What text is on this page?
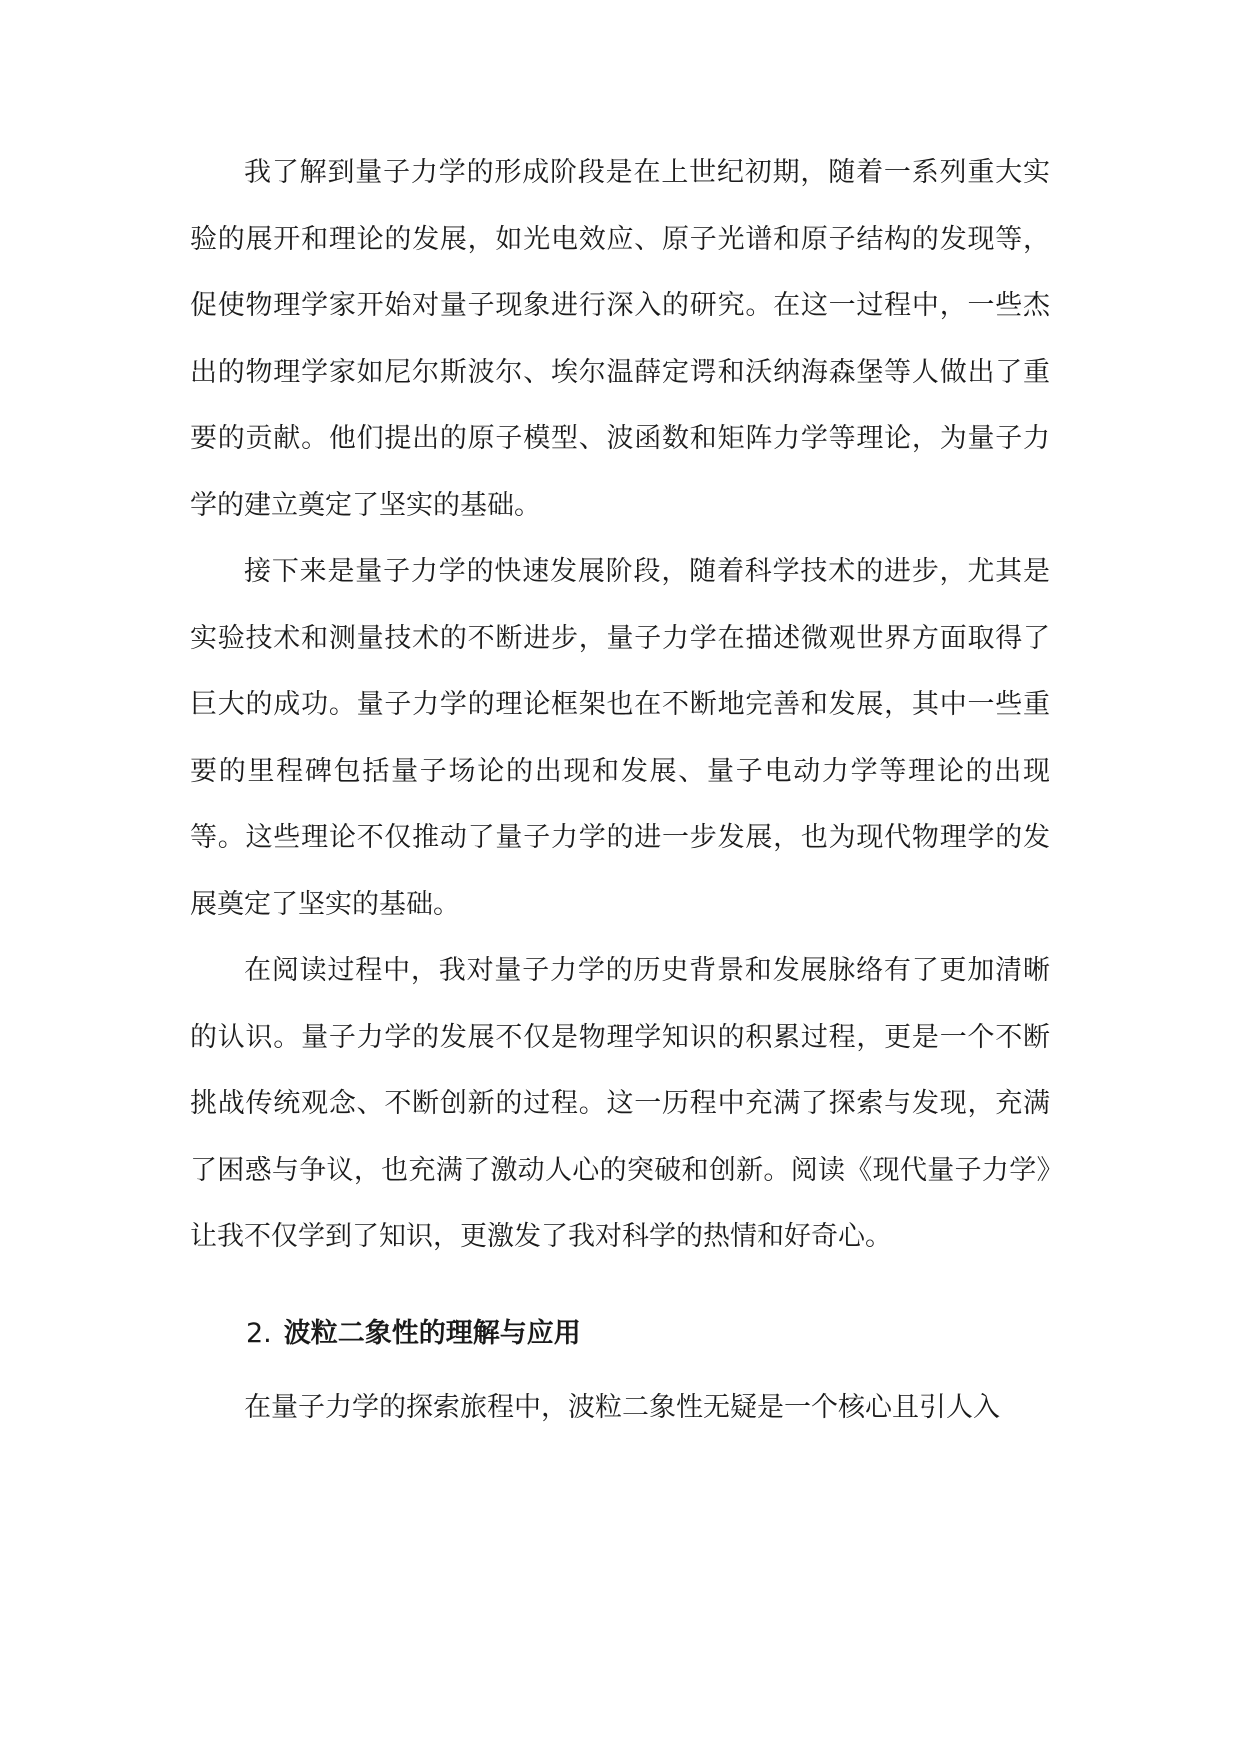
我了解到量子力学的形成阶段是在上世纪初期，随着一系列重大实验的展开和理论的发展，如光电效应、原子光谱和原子结构的发现等，促使物理学家开始对量子现象进行深入的研究。在这一过程中，一些杰出的物理学家如尼尔斯波尔、埃尔温薛定谔和沃纳海森堡等人做出了重要的贡献。他们提出的原子模型、波函数和矩阵力学等理论，为量子力学的建立奠定了坚实的基础。

接下来是量子力学的快速发展阶段，随着科学技术的进步，尤其是实验技术和测量技术的不断进步，量子力学在描述微观世界方面取得了巨大的成功。量子力学的理论框架也在不断地完善和发展，其中一些重要的里程碑包括量子场论的出现和发展、量子电动力学等理论的出现等。这些理论不仅推动了量子力学的进一步发展，也为现代物理学的发展奠定了坚实的基础。

在阅读过程中，我对量子力学的历史背景和发展脉络有了更加清晰的认识。量子力学的发展不仅是物理学知识的积累过程，更是一个不断挑战传统观念、不断创新的过程。这一历程中充满了探索与发现，充满了困惑与争议，也充满了激动人心的突破和创新。阅读《现代量子力学》让我不仅学到了知识，更激发了我对科学的热情和好奇心。

2. 波粒二象性的理解与应用

在量子力学的探索旅程中，波粒二象性无疑是一个核心且引人入
